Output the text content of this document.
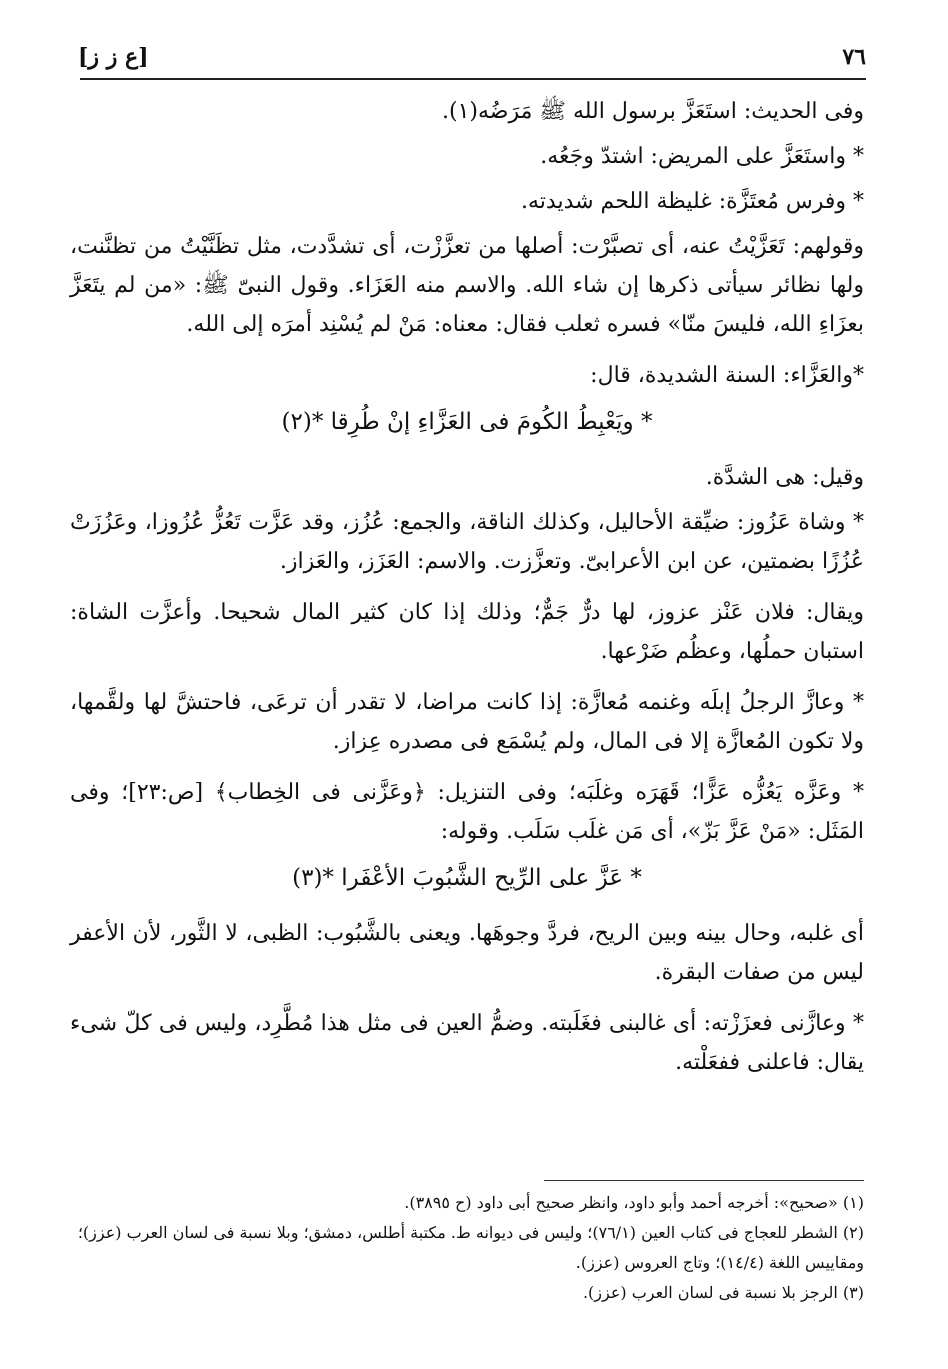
[ع ز ز]	٧٦

وفى الحديث: استَعَزَّ برسول الله ﷺ مَرَضُه(١).

* واستَعَزَّ على المريض: اشتدّ وجَعُه.

* وفرس مُعتَزَّة: غليظة اللحم شديدته.

وقولهم: تَعَزَّيْتُ عنه، أى تصبَّرْت: أصلها من تعزَّزْت، أى تشدَّدت، مثل تظَنَّيْتُ من تظنَّنت، ولها نظائر سيأتى ذكرها إن شاء الله. والاسم منه العَزَاء. وقول النبىّ ﷺ: «من لم يتَعَزَّ بعزَاءِ الله، فليسَ منّا» فسره ثعلب فقال: معناه: مَنْ لم يُسْنِد أمرَه إلى الله.

*والعَزَّاء: السنة الشديدة، قال:

* ويَعْبِطُ الكُومَ فى العَزَّاءِ إنْ طُرِقا *(٢)

وقيل: هى الشدَّة.

* وشاة عَزُوز: ضيِّقة الأحاليل، وكذلك الناقة، والجمع: عُزُز، وقد عَزَّت تَعُزُّ عُزُوزا، وعَزُزَتْ عُزُزًا بضمتين، عن ابن الأعرابىّ. وتعزَّزت. والاسم: العَزَز، والعَزاز.

ويقال: فلان عَنْز عزوز، لها درٌّ جَمٌّ؛ وذلك إذا كان كثير المال شحيحا. وأعزَّت الشاة: استبان حملُها، وعظُم ضَرْعها.

* وعازَّ الرجلُ إبلَه وغنمه مُعازَّة: إذا كانت مراضا، لا تقدر أن ترعَى، فاحتشَّ لها ولقَّمها، ولا تكون المُعازَّة إلا فى المال، ولم يُسْمَع فى مصدره عِزاز.

* وعَزَّه يَعُزُّه عَزًّا؛ قَهَرَه وغلَبَه؛ وفى التنزيل: ﴿وعَزَّنى فى الخِطاب﴾ [ص:٢٣]؛ وفى المَثَل: «مَنْ عَزَّ بَزّ»، أى مَن غلَب سَلَب. وقوله:

* عَزَّ على الرِّيح الشَّبُوبَ الأعْفَرا *(٣)

أى غلبه، وحال بينه وبين الريح، فردَّ وجوهَها. ويعنى بالشَّبُوب: الظبى، لا الثَّور، لأن الأعفر ليس من صفات البقرة.

* وعازَّنى فعزَزْته: أى غالبنى فغَلَبته. وضمُّ العين فى مثل هذا مُطَّرِد، وليس فى كلّ شىء يقال: فاعلنى ففعَلْته.

(١) «صحيح»: أخرجه أحمد وأبو داود، وانظر صحيح أبى داود (ح ٣٨٩٥).

(٢) الشطر للعجاج فى كتاب العين (٧٦/١)؛ وليس فى ديوانه ط. مكتبة أطلس، دمشق؛ وبلا نسبة فى لسان العرب (عزز)؛ ومقاييس اللغة (١٤/٤)؛ وتاج العروس (عزز).

(٣) الرجز بلا نسبة فى لسان العرب (عزز).
